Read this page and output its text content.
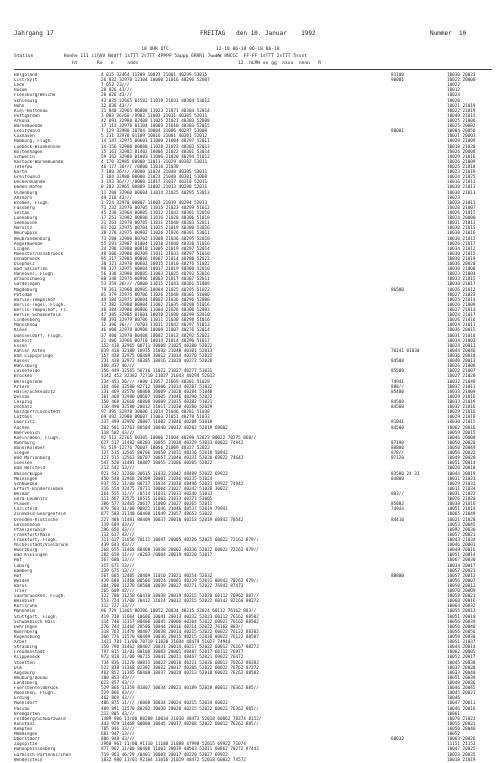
Jahrgang 17	FREITAG   den 10. Januar    1992	Nummer  10
18 UHR UTC                 12-18 06-18 06-18 06-18
Station           Hoehe 111 iihVV Nddff 1sTTT 2sTTT 4PPPP 5appp 6RRR1 7wwWW 8NCCC  FF-FF 1sTTT 2sTTT 5ssst
ht       Rx   n     ndds                                    12  hLMH xx gg  nxxx  nnnn   R
Helgoland	4 015 32464 11209 10023 21001 40299 53015	81100	10030 20023
List/Sylt	26 032 32970 12304 10000 21016 40296 52007	90001	10022 20000
Leck	7 052 23///	10022
Husum	28 026 43///	10012
Flensburg/Weiche	28 026 43///	10024
Schleswig	43 035 32665 01502 11019 21031 40304 53012	10020
Hohn	12 036 43///	10021 21019
Kiel-Holtenau	31 040 32965 00000 11023 21071 40304 52014	10022 21019
Puttgarden	1 083 36/60 /9903 11003 21011 40305 52011	10040 21015
Arkona	42 091 32980 02408 11025 21021 40303 52008	10025 21006
Warnemuende	17 113 32970 01104 10003 21010 40303 52015	10025 20082
Greifswald	7 129 32980 10704 10004 21006 40297 53008	80001	10004 20050
Cuxhaven	5 131 32970 01109 10016 21001 40301 52012	10021 20003
Hamburg, Flugh.	14 147 32975 00601 11009 21004 40297 52011	10029 21009
Luebeck-Blankensee	14 156 32980 00000 11028 21023 40303 52013	10018 21020
Boltenhagen	15 161 32982 01402 10006 21022 40301 53014	10026 20008
Schwerin	59 162 32980 01003 11006 21020 40294 51012	10029 21016
Rostock-Warnemuende	4 170 32985 00000 11011 21029 40302 53011	10026 21009
Teterow	46 177 36/// /0000 11016 21030	10025 21018
Barth	7 180 36/// /0000 11024 21040 40305 53011	10023 21019
Greifswald	2 184 32980 00000 11023 21048 40301 51008	10024 21025
Ueckermuende	1 193 36/// /0000 11017 21037 40310 52011	10016 21011
Emden-Hafen	0 202 32965 00809 11002 21013 40298 52011	10030 21013
Oldenburg	11 200 32960 00604 11014 21025 40295 53013	10030 21013
Ahlhorn	49 218 43///	10023
Bremen, Flugh.	3 224 32970 00807 11003 21019 40294 52013	10023 21011
Fassberg	71 232 32970 00705 11015 21023 40299 51012	10020 21007
Soltau	45 238 32964 00805 11012 21042 40301 52010	10026 21015
Lueneburg	17 253 32982 00808 11016 21028 40306 51018	10024 20000
Seehausen	21 261 32970 00705 11011 21040 40303 52011	10031 21013
Marnitz	81 262 32975 00704 11025 21019 40300 53016	10030 21015
Neuruppin	38 270 32975 00902 11026 21026 40301 53011	10030 21016
Neubrandenburg	73 280 32980 00702 11008 21036 40295 52010	10030 21012
Angermuende	55 291 32987 01004 11010 21040 40338 51016	10026 21017
Lingen	24 298 32980 00810 11005 21019 40297 52014	10034 21012
Muenster/Osnabrueck	48 306 32980 00709 11011 21033 40297 51010	10030 21015
Osnabrueck	95 317 32985 00806 10007 21014 40280 52022	10030 21019
Diepholz	38 321 32970 00602 10015 21010 40276 51022	10036 20020
Bad Salzuflen	98 327 32975 00804 10017 21019 40300 52010	10030 21008
Hannover, Flugh.	56 338 32980 00805 11003 21025 40292 52016	10023 21004
Braunschweig	88 348 32975 00906 10003 21017 40307 52011	10033 21015
Gardelegen	53 359 36/// /0000 11015 21043 40301 51009	10030 21017
Magdeburg	79 361 32960 00905 10004 21025 40295 51022	86500	10026 21012
Potsdam	81 379 32975 00706 11026 21048 40301 51000	10027 21023
Berlin-Tempelhof	49 384 32975 00804 10002 21036 40296 52000	10025 21014
Berlin-Tegel, Flugh.	37 382 32980 00904 11002 21035 40298 51016	10026 21009
Berlin-Tempelhof, Fl.	48 384 32980 00806 11004 21026 40300 52003	10027 21014
Berlin-Schoenefeld	47 385 32985 01001 10010 21030 40299 52010	10024 21017
Lindenberg	98 393 32979 00706 11011 21030 40298 51016	10026 21016
Manschnow	12 396 36/// /0703 11011 21042 40297 51013	10024 21011
Kleve	46 400 32970 00908 10009 21007 40276 52014	10036 20015
Duesseldorf, Flugh.	37 400 32970 00408 10002 21013 40292 52022	10031 21010
Bocholt	21 406 32966 00710 10014 21014 40290 51017	10034 21003
Essen	152 410 32965 00711 10008 21025 40280 52022	10024 20011
Kahler Asten	839 418 32180 10915 11032 21048 40301 52013	70141 81030	10044 20046
Bad Lippspringe	157 430 32975 00409 10012 21014 40270 52021	10036 20018
Kassel	231 438 32972 40305 10016 21020 40272 52028	84500	10040 20013
Wahlsburg	180 437 46///	10026 21008
Leinefelde	356 449 32565 50716 11022 21027 40277 51031	85500	10022 21007
Brocken	1142 452 32382 72710 11027 21043 40294 52012	10027 21020
Wernigerode	234 453 36/// /000 11057 21069 40301 51028	74941	10032 21048
Artern	164 460 32580 82712 10006 21034 40287 51032	888//	10037 21013
Halle/Schkeuditz	131 469 32570 80808 10009 21028 40284 51040	85400	10033 21009
Dessau	101 468 32980 00607 10005 21046 40290 52022	10029 21016
Leipzig	150 468 32660 40808 10009 21035 40282 51021	84500	10033 21019
Oschatz	116 490 32580 20812 11011 21030 40280 52029	84500	10032 21016
Holzdorf/Lochstedt	97 495 32970 30806 11014 21046 40281 51030	10029 21016
Cottbus	69 492 32980 00607 11003 21051 40278 51033	10029 21018
Goerlitz	237 499 32970 20807 11002 21046 40284 51018	81041	10030 21015
Aachen	202 501 32763 80504 10040 20012 40282 52019 69602	84500	10062 20016
Noervenich	118 502 43///	10059 20015
Koeln/Bonn, Flugh.	92 513 32765 60305 10006 21004 40298 52023 80022 70275 868//	10046 20008
Nuerburg	627 517 11482 80203 10055 21038 40229 53033 60022 74942	87190	10050 20020
Bonn/Roleber	91 519 12776 70607 10056 21009 40327 52022	88800	10050 20049
Siegen	127 515 12565 80706 10050 21031 40236 52018 50942	878//	10056 20022
Bad Marienberg	127 515 12563 80707 10057 21040 40231 52020 69022 74642	87120	10049 20020
Giessen	547 520 11481 10807 10055 21006 40205 52022	10051 20014
Bad Hersfeld	212 542 13///	10020 20018
Wasserkuppe	921 542 12260 30615 11032 21042 48489 52022 69922	83500 24 33	10044 20019
Meiningen	450 548 32968 20309 10001 21036 40235 51024	84800	10031 21021
Schmuecke	937 552 11/00 80717 11034 21036 48496 52021 69922 74942	10029 21031
Erfurt-Bindersleben	316 554 32475 70711 10004 21027 40242 51028 30022	10011 21034
Weimar	264 555 11/// /0514 11031 21031 40240 51033	883//	10031 21022
Gera-Leumnitz	311 567 32575 10515 11003 21033 40271 53005	10026 21020
Plauen	386 577 32465 20617 11000 21027 40265 52011	85002	10038 21016
Carlsfeld	879 583 11/00 90821 11046 21046 48537 52019 79941	74944	10051 21019
Zinnwald-Georgenfeld	877 583 31140 60408 11049 21057 48653 53022	10065 21049
Dresden-Klotzsche	227 488 11481 80409 10037 20010 40213 52019 60842 70542	84410	10021 21028
Geisenheim	119 609 43///	10053 20045
Pfaelzerwald	296 656 43///	10092 20030
Frankfurt/Main	112 637 43///	10057 20021
Frankfurt, Flugh.	111 637 11656 70111 10047 20005 40226 52025 60022 72162 879//	10043 21034
Michelstadt/Vielbrunn	439 643 43///	10046 20001
Wuerzburg	268 655 11468 80408 10038 20002 40236 52022 60022 72262 879//	10048 20016
Bad Kissingen	282 658 11/// /0203 /0004 20019 40220 53017	10051 20014
Hof	567 680 13///	10067 20030
Coburg	357 671 13///	10034 20017
Bamberg	239 675 13///	10057 20021
Hof	567 685 12405 20409 11010 21021 40254 52032	88800	10057 20013
Weiden	439 688 11468 80506 10024 20001 40229 52031 80942 70262 879//	10056 20007
Barus	304 700 11270 60508 10039 20027 40271 52022 76942 87472	10050 20013
Trier	265 609 42///	10070 20009
Saarbruecken, Flugh.	322 708 11258 60410 10038 20019 40215 52020 60112 76962 887//	10058 20021
Weinbiet	553 724 11/00 70412 11014 20012 40215 52022 60142 82166 88272	10060 20016
Karlsruhe	112 727 13///	10064 20032
Mannheim	96 729 11465 80306 10052 20034 40215 52024 60112 76162 883//	10055 20012
Stuttgart, Flugh.	419 738 11664 10606 10041 20013 40232 52023 60112 76162 88502	10051 20010
Schwaebisch Hall	314 740 11357 80406 10045 20006 40204 52022 60022 76162 88502	10056 20039
Oehringen	276 744 11466 20506 10044 20016 40214 52022 76162 883//	10050 20040
Nuernberg	318 763 11470 80407 10038 20014 40215 52022 60022 76122 88302	10056 20056
Regensburg	366 776 11570 80409 10036 20015 40215 52030 80022 76122 88507	10058 20030
Arber	1431 781 11/00 70719 11038 21044 48479 51027 74944	10051 21037
Straubing	350 790 11462 80402 10031 20014 40217 52022 60012 76167 88272	10044 20014
Freudenstadt	797 815 11/01 80108 10003 20001 48487 52017 60112 76977	10062 20005
Klippeneck	973 818 11/00 90715 10041 20011 48467 52021 69022 76472	10052 20017
Stoetten	734 836 11270 80811 10022 20010 40221 52026 60012 76262 88302	10045 20038
Ulm	522 838 11368 82302 10022 20017 40205 52022 60022 76762 87272	10037 20030
Augsburg	462 852 11365 60408 10037 20020 40213 52018 60022 76262 88502	10033 20040
Neuburg/Donau	380 853 43///	10051 20039
Landsberg	623 857 43///	10048 20036
Fuerstenfeldbruck	529 866 11359 81807 10034 20023 40189 52028 80012 76362 885//	10046 20045
Muenchen, Flugh.	529 866 43///	10045 20021
Erding	462 869 43///	10046
Muehldorf	406 875 11/// /0808 10034 20024 40215 52034 60022	10047 20011
Passau	409 891 11570 80202 10030 20020 40215 52022 60022 76362 885//	10046 20016
Bremgarten	212 905 43///	10061
Feldberg/Schwarzwald	1489 906 11/00 80208 10034 21030 48473 52018 60862 70374 8152/	10070 21022
Konstanz	443 929 11468 80000 10045 20017 40208 52022 60012 76262 885//	10055 20031
Kempten	705 946 13///	10050 20040
Memmingen	601 947 13///	10052
Oberstdorf	806 948 43///	60032	10063 20026
Zugspitze	2960 961 11/00 91110 11188 21088 47998 52015 69922 71074	11151 21152
Hohenpeissenberg	977 962 11/00 80408 11003 20039 48503 52011 60862 70272 87442	10047 20025
Garmisch-Partenkirchen	719 963 46/29 /0401 10003 20017 40220 52027 69922	10023 20035
Wendelstein	1832 980 11/01 92104 11016 21029 48472 52018 60022 74572	10018 21019
